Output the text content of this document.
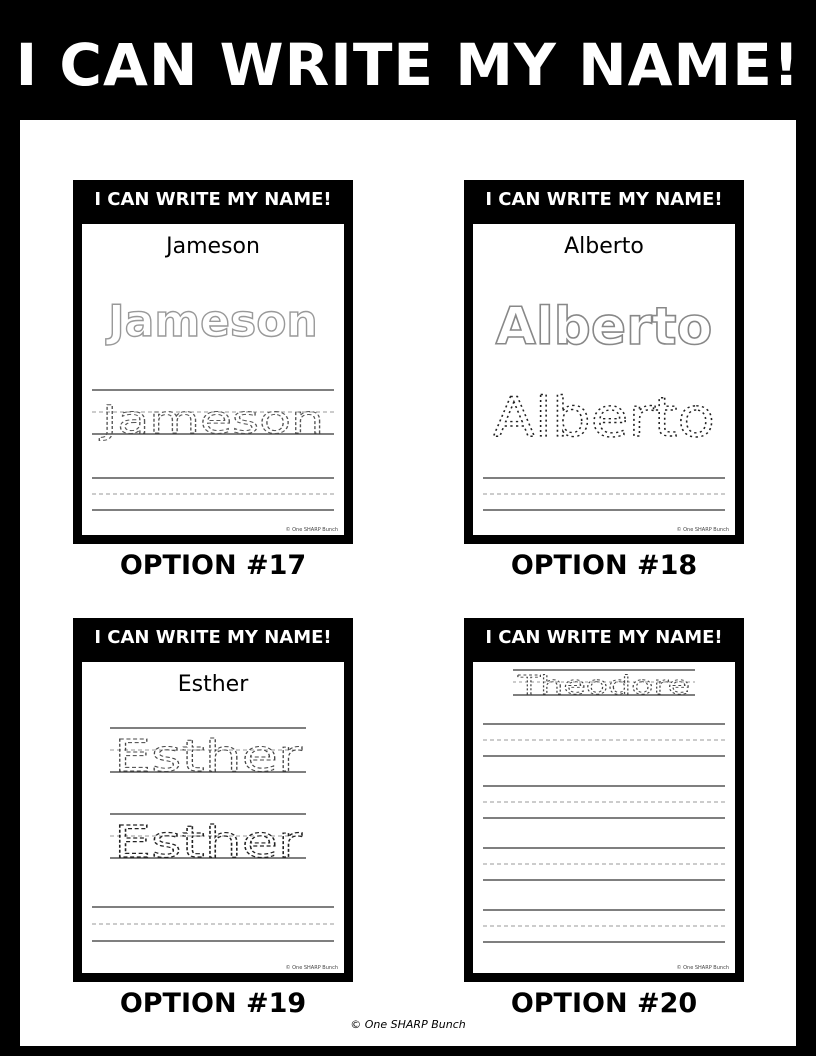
I CAN WRITE MY NAME!
I CAN WRITE MY NAME!
Jameson
Jameson
Jameson
© One SHARP Bunch
OPTION #17
I CAN WRITE MY NAME!
Alberto
Alberto
Alberto
© One SHARP Bunch
OPTION #18
I CAN WRITE MY NAME!
Esther
Esther
Esther
© One SHARP Bunch
OPTION #19
I CAN WRITE MY NAME!
Theodore
© One SHARP Bunch
OPTION #20
© One SHARP Bunch
